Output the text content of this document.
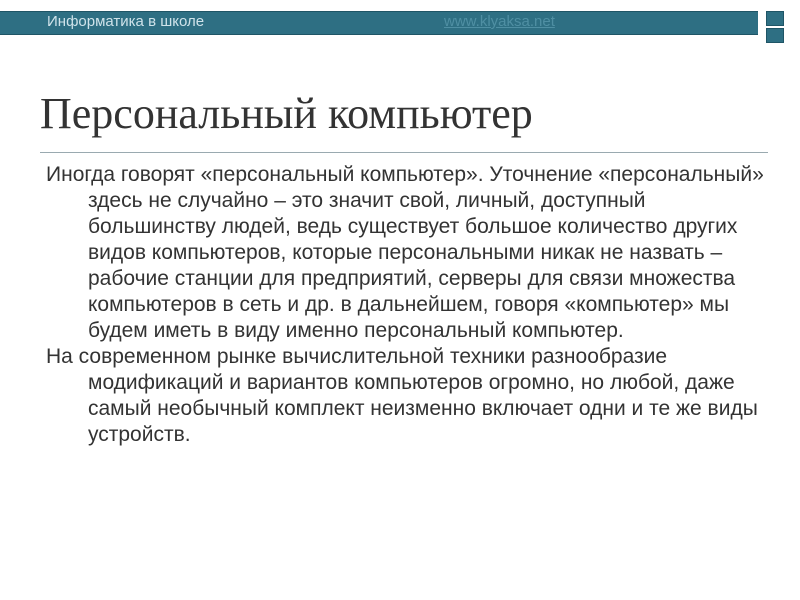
Информатика в школе	www.klyaksa.net
Персональный компьютер

Иногда говорят «персональный компьютер». Уточнение «персональный» здесь не случайно – это значит свой, личный, доступный большинству людей, ведь существует большое количество других видов компьютеров, которые персональными никак не назвать – рабочие станции для предприятий, серверы для связи множества компьютеров в сеть и др. в дальнейшем, говоря «компьютер» мы будем иметь в виду именно персональный компьютер.

На современном рынке вычислительной техники разнообразие модификаций и вариантов компьютеров огромно, но любой, даже самый необычный комплект неизменно включает одни и те же виды устройств.
